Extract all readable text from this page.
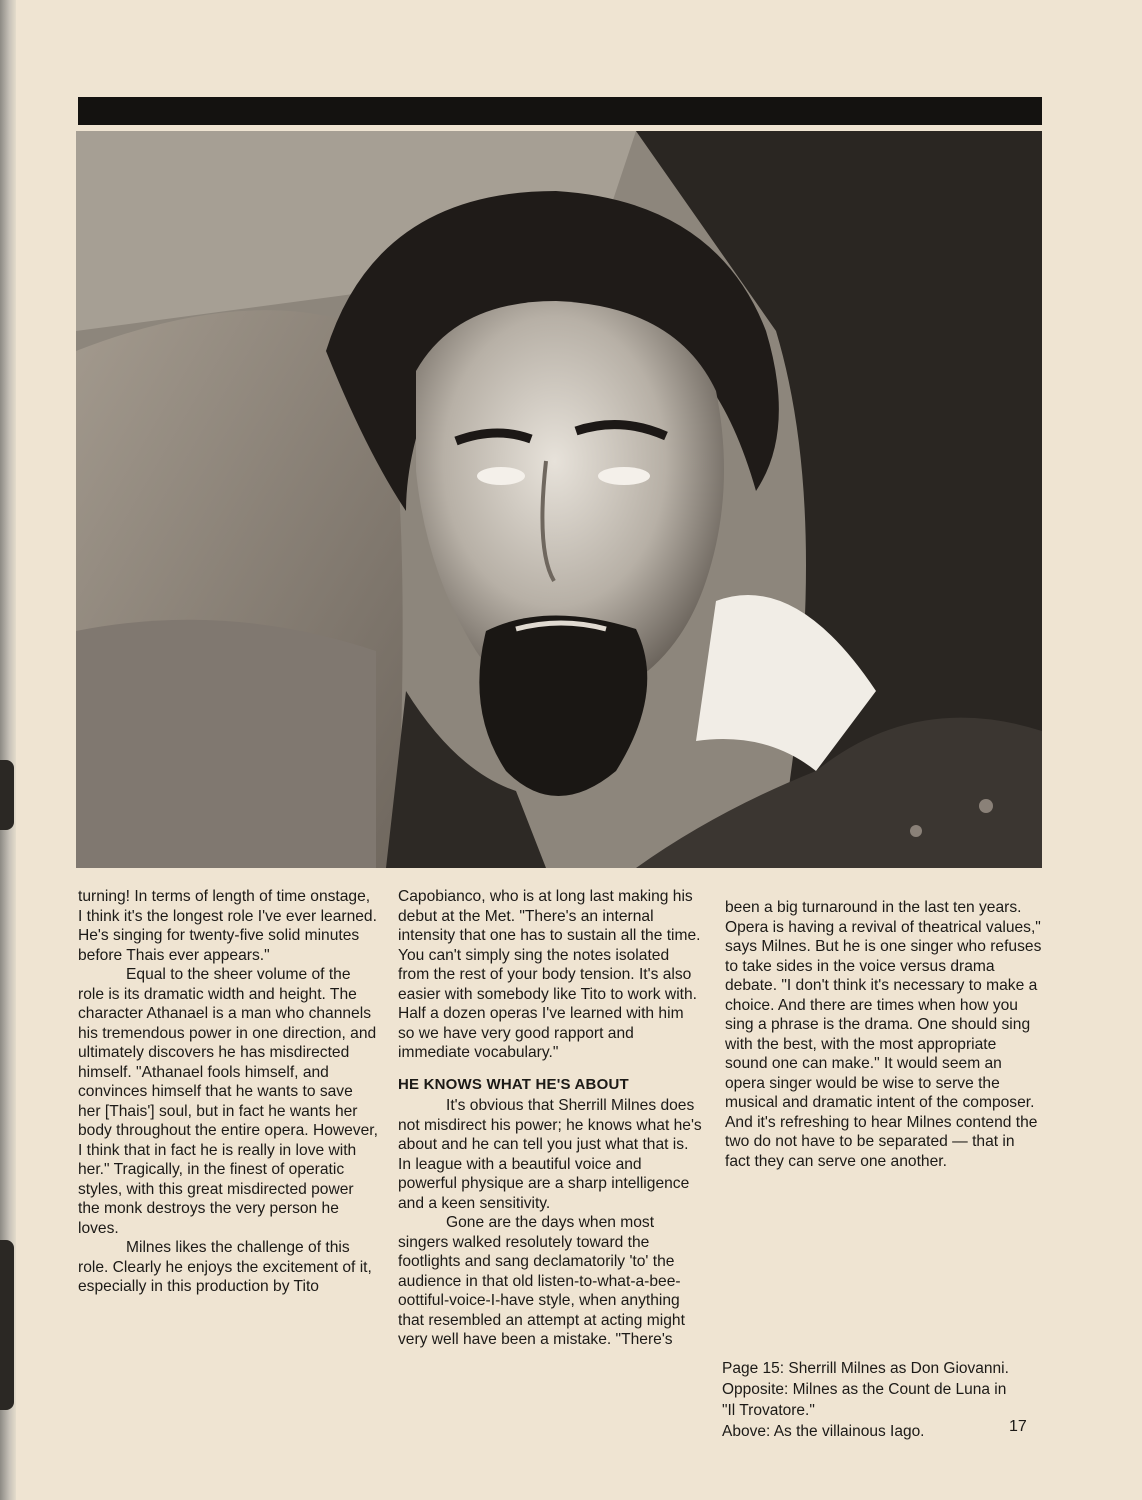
turning! In terms of length of time onstage, I think it's the longest role I've ever learned. He's singing for twenty-five solid minutes before Thais ever appears."

Equal to the sheer volume of the role is its dramatic width and height. The character Athanael is a man who channels his tremendous power in one direction, and ultimately discovers he has misdirected himself. "Athanael fools himself, and convinces himself that he wants to save her [Thais'] soul, but in fact he wants her body throughout the entire opera. However, I think that in fact he is really in love with her." Tragically, in the finest of operatic styles, with this great misdirected power the monk destroys the very person he loves.

Milnes likes the challenge of this role. Clearly he enjoys the excitement of it, especially in this production by Tito

Capobianco, who is at long last making his debut at the Met. "There's an internal intensity that one has to sustain all the time. You can't simply sing the notes isolated from the rest of your body tension. It's also easier with somebody like Tito to work with. Half a dozen operas I've learned with him so we have very good rapport and immediate vocabulary."

HE KNOWS WHAT HE'S ABOUT

It's obvious that Sherrill Milnes does not misdirect his power; he knows what he's about and he can tell you just what that is. In league with a beautiful voice and powerful physique are a sharp intelligence and a keen sensitivity.

Gone are the days when most singers walked resolutely toward the footlights and sang declamatorily 'to' the audience in that old listen-to-what-a-bee-oottiful-voice-I-have style, when anything that resembled an attempt at acting might very well have been a mistake. "There's

been a big turnaround in the last ten years. Opera is having a revival of theatrical values," says Milnes. But he is one singer who refuses to take sides in the voice versus drama debate. "I don't think it's necessary to make a choice. And there are times when how you sing a phrase is the drama. One should sing with the best, with the most appropriate sound one can make." It would seem an opera singer would be wise to serve the musical and dramatic intent of the composer. And it's refreshing to hear Milnes contend the two do not have to be separated — that in fact they can serve one another.

Page 15: Sherrill Milnes as Don Giovanni.
Opposite: Milnes as the Count de Luna in
"Il Trovatore."
Above: As the villainous Iago.	17
